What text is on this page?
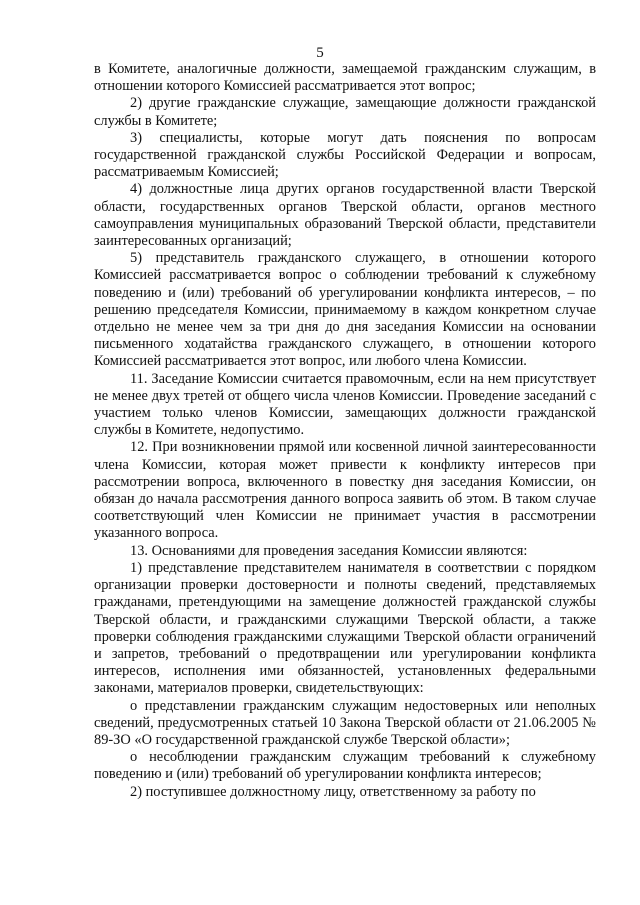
5

в Комитете, аналогичные должности, замещаемой гражданским служащим, в отношении которого Комиссией рассматривается этот вопрос;

2) другие гражданские служащие, замещающие должности гражданской службы в Комитете;

3) специалисты, которые могут дать пояснения по вопросам государственной гражданской службы Российской Федерации и вопросам, рассматриваемым Комиссией;

4) должностные лица других органов государственной власти Тверской области, государственных органов Тверской области, органов местного самоуправления муниципальных образований Тверской области, представители заинтересованных организаций;

5) представитель гражданского служащего, в отношении которого Комиссией рассматривается вопрос о соблюдении требований к служебному поведению и (или) требований об урегулировании конфликта интересов, – по решению председателя Комиссии, принимаемому в каждом конкретном случае отдельно не менее чем за три дня до дня заседания Комиссии на основании письменного ходатайства гражданского служащего, в отношении которого Комиссией рассматривается этот вопрос, или любого члена Комиссии.

11. Заседание Комиссии считается правомочным, если на нем присутствует не менее двух третей от общего числа членов Комиссии. Проведение заседаний с участием только членов Комиссии, замещающих должности гражданской службы в Комитете, недопустимо.

12. При возникновении прямой или косвенной личной заинтересованности члена Комиссии, которая может привести к конфликту интересов при рассмотрении вопроса, включенного в повестку дня заседания Комиссии, он обязан до начала рассмотрения данного вопроса заявить об этом. В таком случае соответствующий член Комиссии не принимает участия в рассмотрении указанного вопроса.

13. Основаниями для проведения заседания Комиссии являются:

1) представление представителем нанимателя в соответствии с порядком организации проверки достоверности и полноты сведений, представляемых гражданами, претендующими на замещение должностей гражданской службы Тверской области, и гражданскими служащими Тверской области, а также проверки соблюдения гражданскими служащими Тверской области ограничений и запретов, требований о предотвращении или урегулировании конфликта интересов, исполнения ими обязанностей, установленных федеральными законами, материалов проверки, свидетельствующих:

о представлении гражданским служащим недостоверных или неполных сведений, предусмотренных статьей 10 Закона Тверской области от 21.06.2005 № 89-ЗО «О государственной гражданской службе Тверской области»;

о несоблюдении гражданским служащим требований к служебному поведению и (или) требований об урегулировании конфликта интересов;

2) поступившее должностному лицу, ответственному за работу по
